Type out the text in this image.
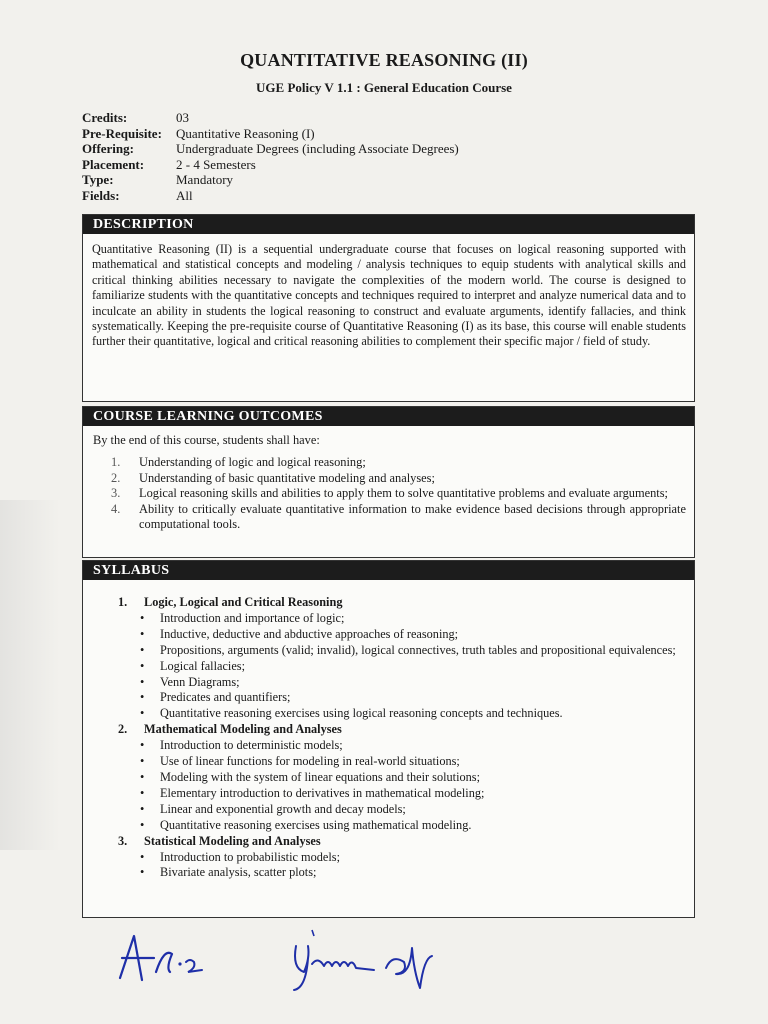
QUANTITATIVE REASONING (II)
UGE Policy V 1.1 : General Education Course
Credits:	03
Pre-Requisite:	Quantitative Reasoning (I)
Offering:	Undergraduate Degrees (including Associate Degrees)
Placement:	2 - 4 Semesters
Type:	Mandatory
Fields:	All
DESCRIPTION
Quantitative Reasoning (II) is a sequential undergraduate course that focuses on logical reasoning supported with mathematical and statistical concepts and modeling / analysis techniques to equip students with analytical skills and critical thinking abilities necessary to navigate the complexities of the modern world. The course is designed to familiarize students with the quantitative concepts and techniques required to interpret and analyze numerical data and to inculcate an ability in students the logical reasoning to construct and evaluate arguments, identify fallacies, and think systematically. Keeping the pre-requisite course of Quantitative Reasoning (I) as its base, this course will enable students further their quantitative, logical and critical reasoning abilities to complement their specific major / field of study.
COURSE LEARNING OUTCOMES
By the end of this course, students shall have:
1.	Understanding of logic and logical reasoning;
2.	Understanding of basic quantitative modeling and analyses;
3.	Logical reasoning skills and abilities to apply them to solve quantitative problems and evaluate arguments;
4.	Ability to critically evaluate quantitative information to make evidence based decisions through appropriate computational tools.
SYLLABUS
1.	Logic, Logical and Critical Reasoning
•	Introduction and importance of logic;
•	Inductive, deductive and abductive approaches of reasoning;
•	Propositions, arguments (valid; invalid), logical connectives, truth tables and propositional equivalences;
•	Logical fallacies;
•	Venn Diagrams;
•	Predicates and quantifiers;
•	Quantitative reasoning exercises using logical reasoning concepts and techniques.
2.	Mathematical Modeling and Analyses
•	Introduction to deterministic models;
•	Use of linear functions for modeling in real-world situations;
•	Modeling with the system of linear equations and their solutions;
•	Elementary introduction to derivatives in mathematical modeling;
•	Linear and exponential growth and decay models;
•	Quantitative reasoning exercises using mathematical modeling.
3.	Statistical Modeling and Analyses
•	Introduction to probabilistic models;
•	Bivariate analysis, scatter plots;
